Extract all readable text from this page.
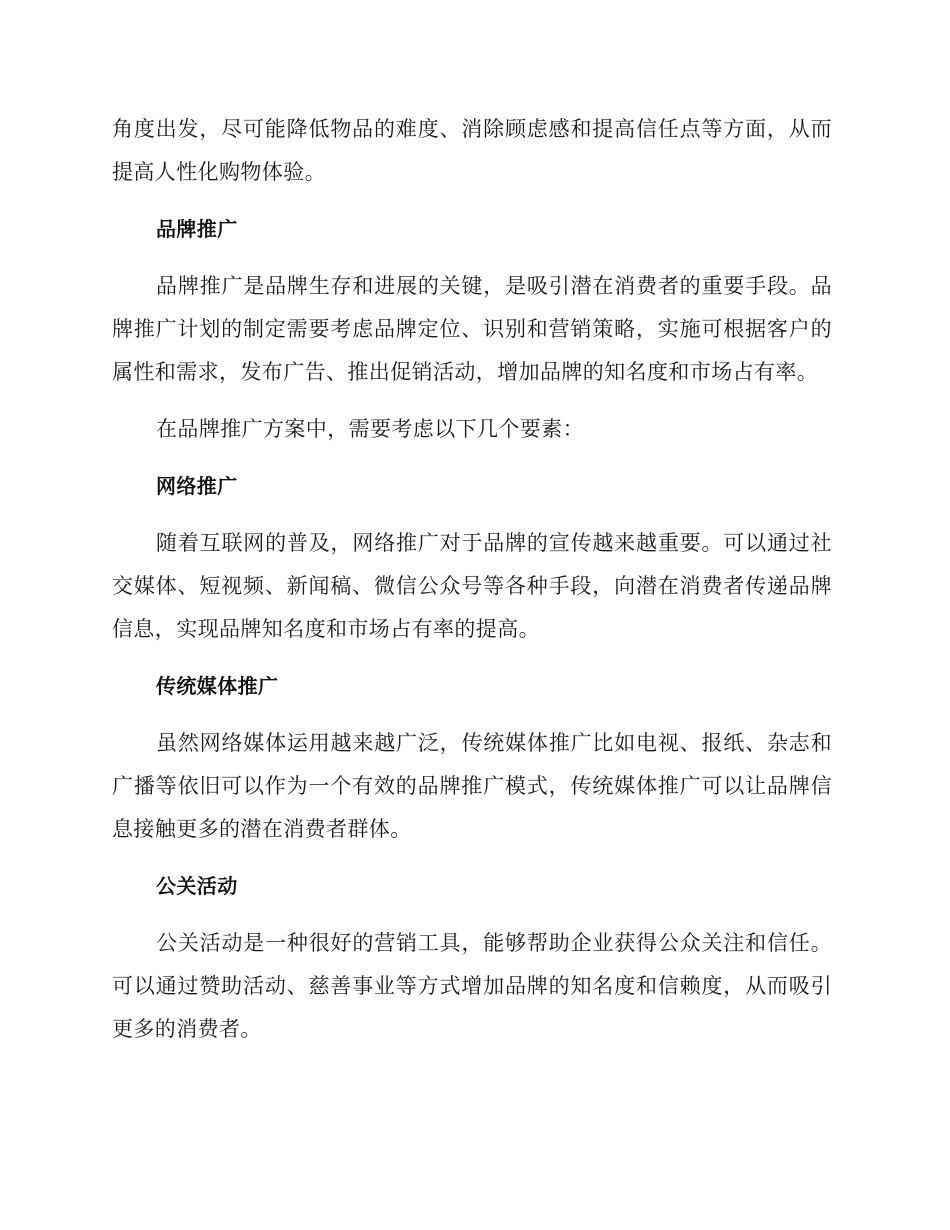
角度出发，尽可能降低物品的难度、消除顾虑感和提高信任点等方面，从而提高人性化购物体验。

品牌推广

品牌推广是品牌生存和进展的关键，是吸引潜在消费者的重要手段。品牌推广计划的制定需要考虑品牌定位、识别和营销策略，实施可根据客户的属性和需求，发布广告、推出促销活动，增加品牌的知名度和市场占有率。

在品牌推广方案中，需要考虑以下几个要素：

网络推广

随着互联网的普及，网络推广对于品牌的宣传越来越重要。可以通过社交媒体、短视频、新闻稿、微信公众号等各种手段，向潜在消费者传递品牌信息，实现品牌知名度和市场占有率的提高。

传统媒体推广

虽然网络媒体运用越来越广泛，传统媒体推广比如电视、报纸、杂志和广播等依旧可以作为一个有效的品牌推广模式，传统媒体推广可以让品牌信息接触更多的潜在消费者群体。

公关活动

公关活动是一种很好的营销工具，能够帮助企业获得公众关注和信任。可以通过赞助活动、慈善事业等方式增加品牌的知名度和信赖度，从而吸引更多的消费者。
